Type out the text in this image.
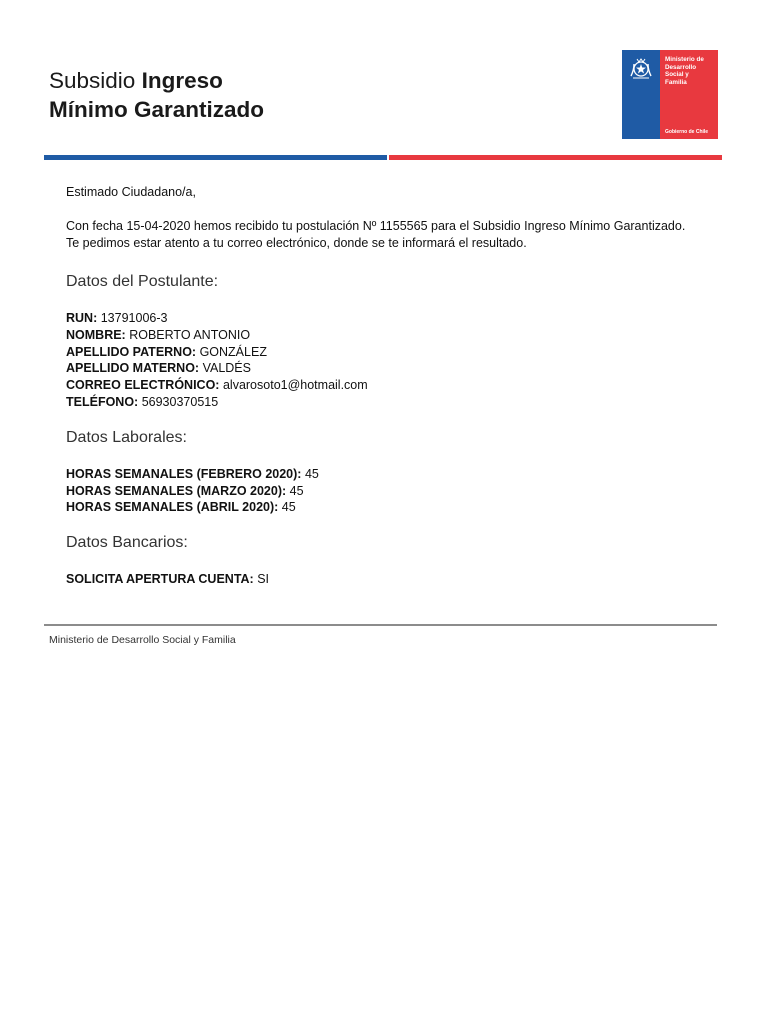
Subsidio Ingreso
Mínimo Garantizado
Ministerio de
Desarrollo
Social y
Familia
Gobierno de Chile
Estimado Ciudadano/a,
Con fecha 15-04-2020 hemos recibido tu postulación Nº 1155565 para el Subsidio Ingreso Mínimo Garantizado. Te pedimos estar atento a tu correo electrónico, donde se te informará el resultado.
Datos del Postulante:
RUN: 13791006-3
NOMBRE: ROBERTO ANTONIO
APELLIDO PATERNO: GONZÁLEZ
APELLIDO MATERNO: VALDÉS
CORREO ELECTRÓNICO: alvarosoto1@hotmail.com
TELÉFONO: 56930370515
Datos Laborales:
HORAS SEMANALES (FEBRERO 2020): 45
HORAS SEMANALES (MARZO 2020): 45
HORAS SEMANALES (ABRIL 2020): 45
Datos Bancarios:
SOLICITA APERTURA CUENTA: SI
Ministerio de Desarrollo Social y Familia
